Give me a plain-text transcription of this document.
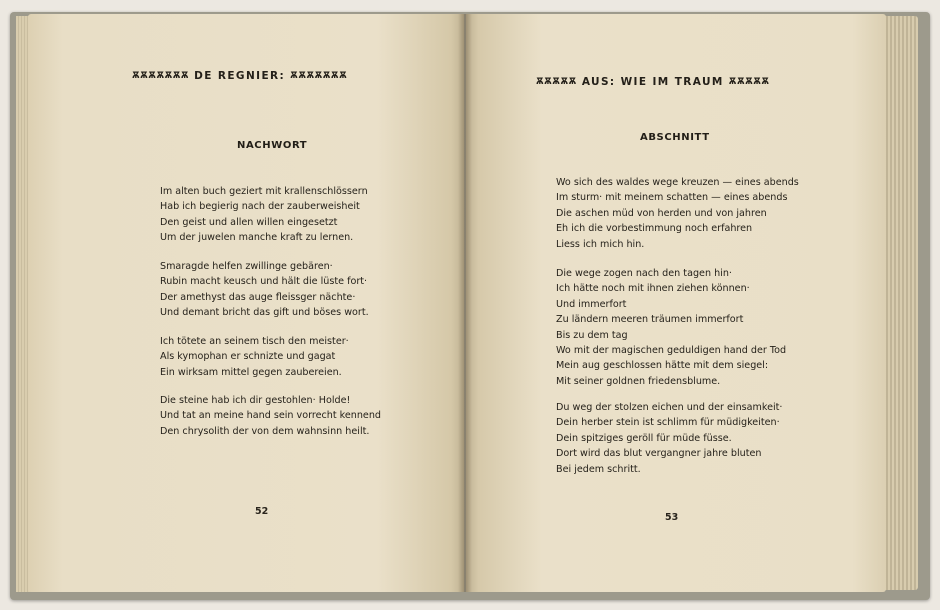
ѪѪѪѪѪѪѪ DE REGNIER: ѪѪѪѪѪѪѪ
NACHWORT
Im alten buch geziert mit krallenschlössern
Hab ich begierig nach der zauberweisheit
Den geist und allen willen eingesetzt
Um der juwelen manche kraft zu lernen.
Smaragde helfen zwillinge gebären·
Rubin macht keusch und hält die lüste fort·
Der amethyst das auge fleissger nächte·
Und demant bricht das gift und böses wort.
Ich tötete an seinem tisch den meister·
Als kymophan er schnizte und gagat
Ein wirksam mittel gegen zaubereien.
Die steine hab ich dir gestohlen· Holde!
Und tat an meine hand sein vorrecht kennend
Den chrysolith der von dem wahnsinn heilt.
52
ѪѪѪѪѪ AUS: WIE IM TRAUM ѪѪѪѪѪ
ABSCHNITT
Wo sich des waldes wege kreuzen — eines abends
Im sturm· mit meinem schatten — eines abends
Die aschen müd von herden und von jahren
Eh ich die vorbestimmung noch erfahren
Liess ich mich hin.
Die wege zogen nach den tagen hin·
Ich hätte noch mit ihnen ziehen können·
Und immerfort
Zu ländern meeren träumen immerfort
Bis zu dem tag
Wo mit der magischen geduldigen hand der Tod
Mein aug geschlossen hätte mit dem siegel:
Mit seiner goldnen friedensblume.
Du weg der stolzen eichen und der einsamkeit·
Dein herber stein ist schlimm für müdigkeiten·
Dein spitziges geröll für müde füsse.
Dort wird das blut vergangner jahre bluten
Bei jedem schritt.
53
